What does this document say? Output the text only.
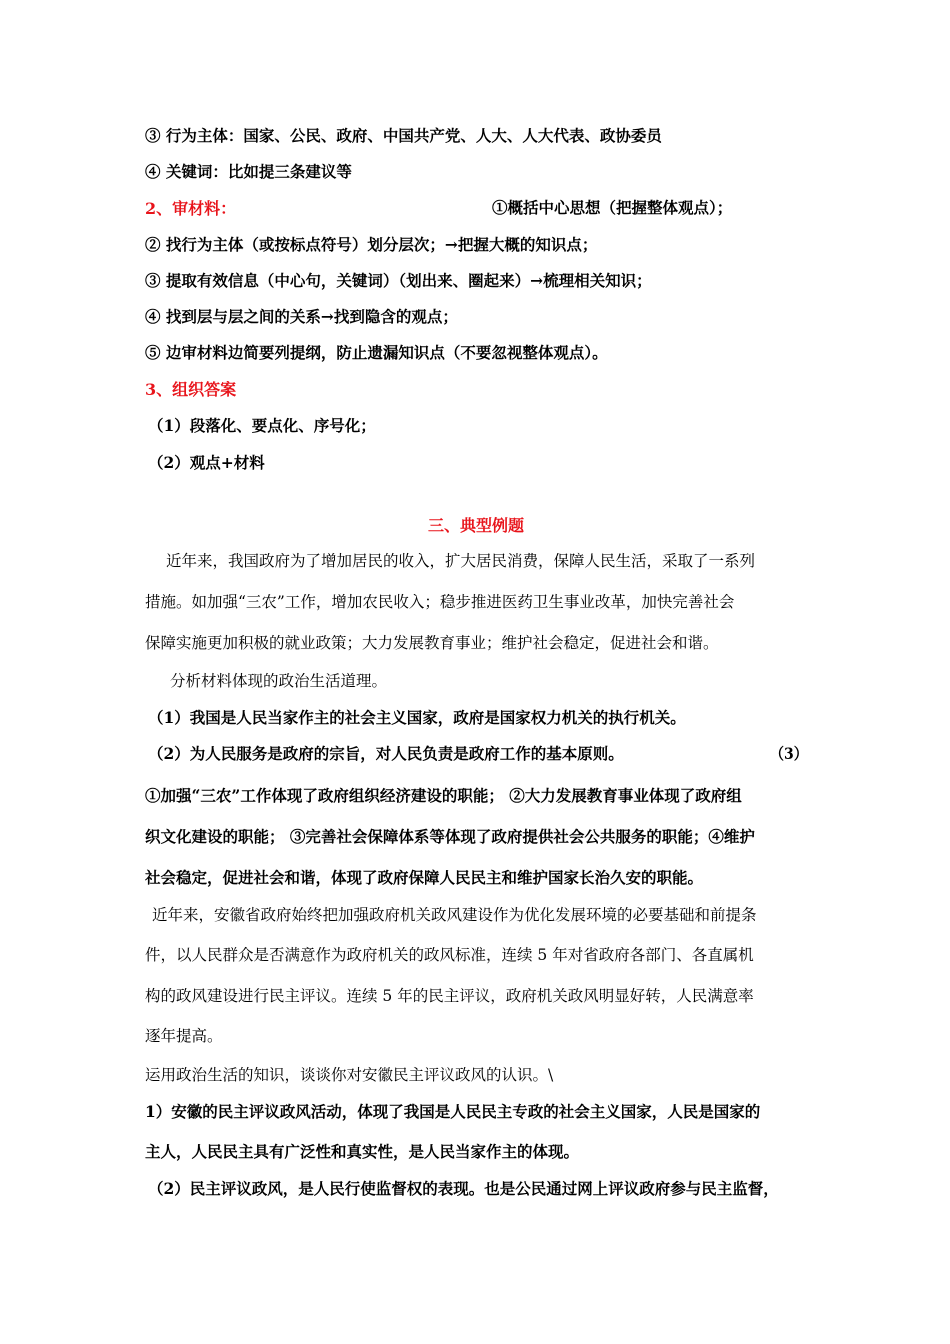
③ 行为主体：国家、公民、政府、中国共产党、人大、人大代表、政协委员
④ 关键词：比如提三条建议等
2、审材料：	①概括中心思想（把握整体观点）；
② 找行为主体（或按标点符号）划分层次；→把握大概的知识点；
③ 提取有效信息（中心句，关键词）（划出来、圈起来）→梳理相关知识；
④ 找到层与层之间的关系→找到隐含的观点；
⑤ 边审材料边简要列提纲，防止遗漏知识点（不要忽视整体观点）。
3、组织答案
（1）段落化、要点化、序号化；
（2）观点+材料
三、典型例题
近年来，我国政府为了增加居民的收入，扩大居民消费，保障人民生活，采取了一系列
措施。如加强“三农”工作，增加农民收入；稳步推进医药卫生事业改革，加快完善社会
保障实施更加积极的就业政策；大力发展教育事业；维护社会稳定，促进社会和谐。
分析材料体现的政治生活道理。
（1）我国是人民当家作主的社会主义国家，政府是国家权力机关的执行机关。
（2）为人民服务是政府的宗旨，对人民负责是政府工作的基本原则。	（3）
①加强“三农”工作体现了政府组织经济建设的职能； ②大力发展教育事业体现了政府组
织文化建设的职能； ③完善社会保障体系等体现了政府提供社会公共服务的职能；④维护
社会稳定，促进社会和谐，体现了政府保障人民民主和维护国家长治久安的职能。
近年来，安徽省政府始终把加强政府机关政风建设作为优化发展环境的必要基础和前提条
件，以人民群众是否满意作为政府机关的政风标准，连续 5 年对省政府各部门、各直属机
构的政风建设进行民主评议。连续 5 年的民主评议，政府机关政风明显好转，人民满意率
逐年提高。
运用政治生活的知识，谈谈你对安徽民主评议政风的认识。\
1）安徽的民主评议政风活动，体现了我国是人民民主专政的社会主义国家，人民是国家的
主人，人民民主具有广泛性和真实性，是人民当家作主的体现。
（2）民主评议政风，是人民行使监督权的表现。也是公民通过网上评议政府参与民主监督，
